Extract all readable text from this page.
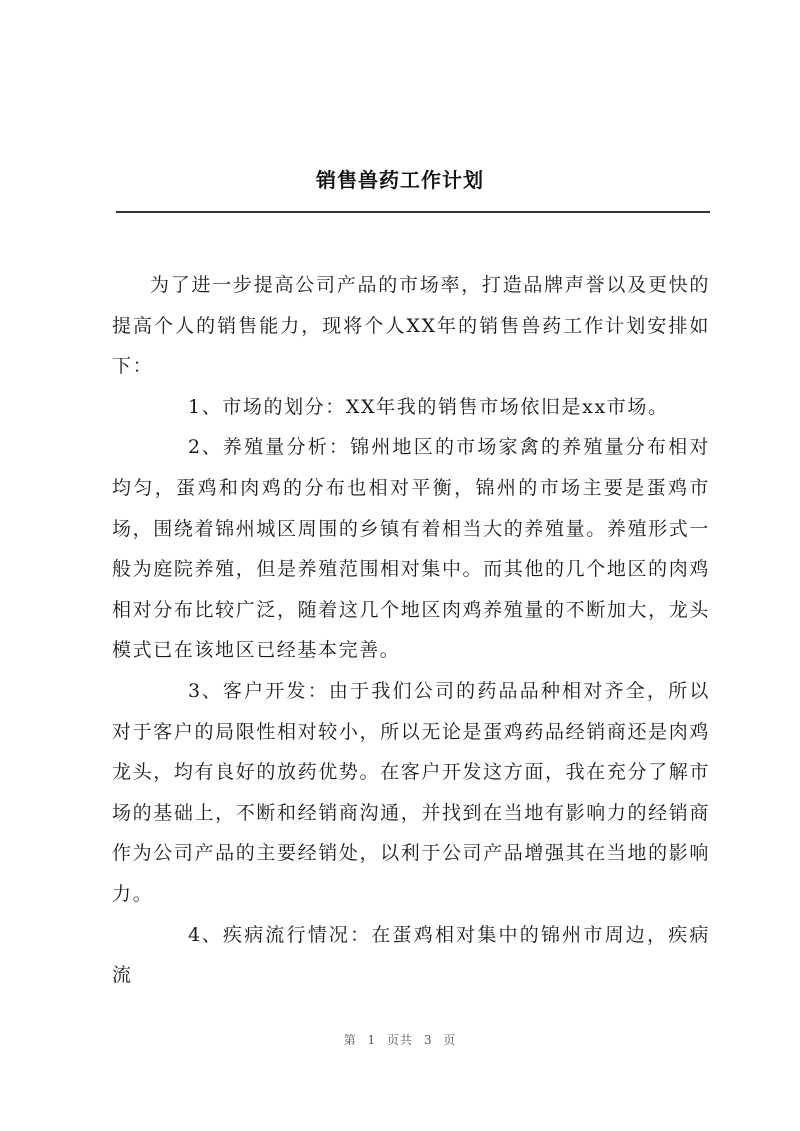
销售兽药工作计划

为了进一步提高公司产品的市场率，打造品牌声誉以及更快的提高个人的销售能力，现将个人XX年的销售兽药工作计划安排如下：

1、市场的划分：XX年我的销售市场依旧是xx市场。

2、养殖量分析：锦州地区的市场家禽的养殖量分布相对均匀，蛋鸡和肉鸡的分布也相对平衡，锦州的市场主要是蛋鸡市场，围绕着锦州城区周围的乡镇有着相当大的养殖量。养殖形式一般为庭院养殖，但是养殖范围相对集中。而其他的几个地区的肉鸡相对分布比较广泛，随着这几个地区肉鸡养殖量的不断加大，龙头模式已在该地区已经基本完善。

3、客户开发：由于我们公司的药品品种相对齐全，所以对于客户的局限性相对较小，所以无论是蛋鸡药品经销商还是肉鸡龙头，均有良好的放药优势。在客户开发这方面，我在充分了解市场的基础上，不断和经销商沟通，并找到在当地有影响力的经销商作为公司产品的主要经销处，以利于公司产品增强其在当地的影响力。

4、疾病流行情况：在蛋鸡相对集中的锦州市周边，疾病流

第 1 页共 3 页
